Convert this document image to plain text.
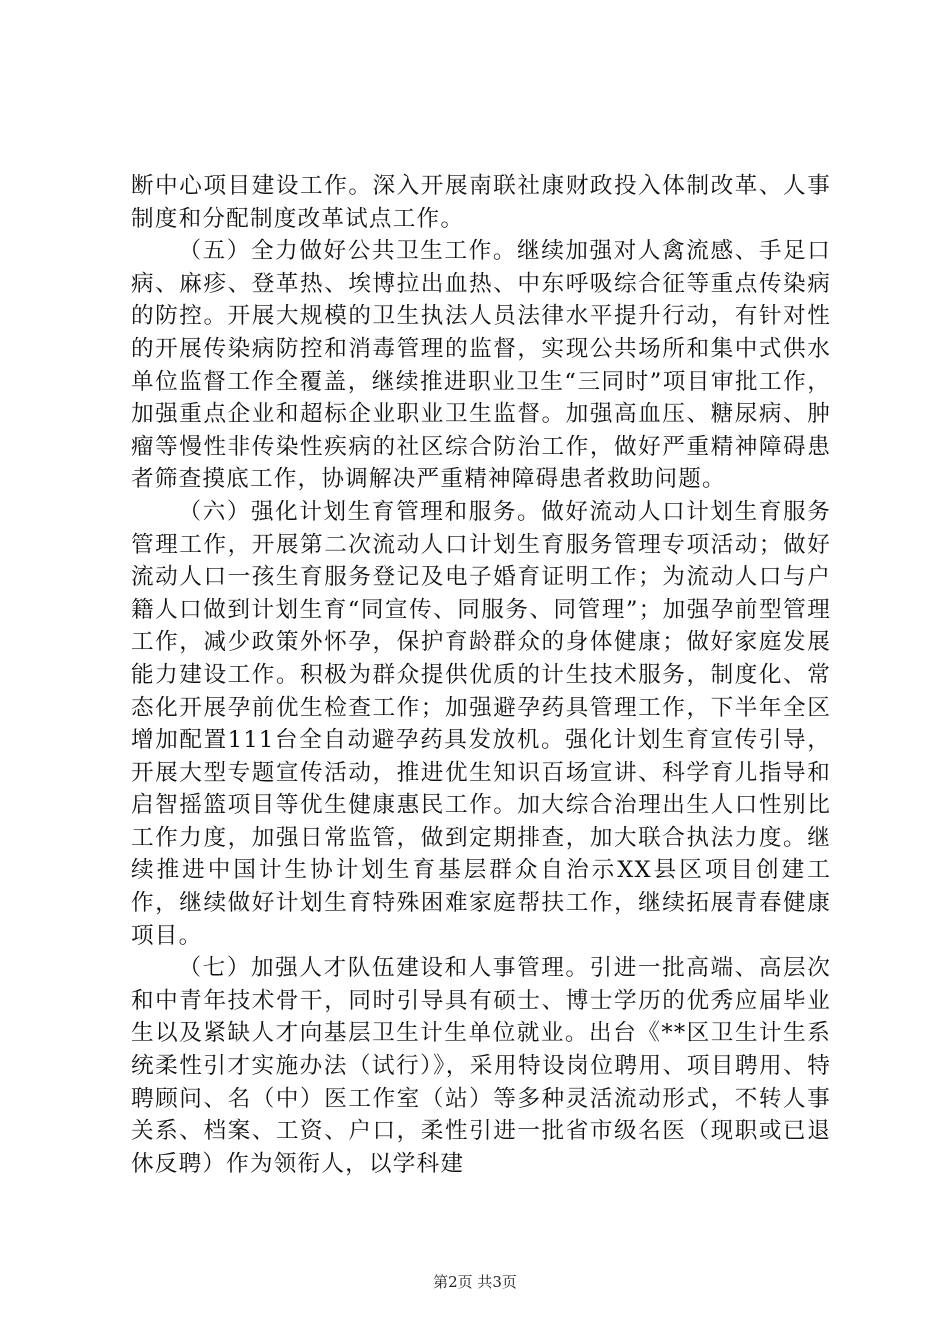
断中心项目建设工作。深入开展南联社康财政投入体制改革、人事制度和分配制度改革试点工作。

（五）全力做好公共卫生工作。继续加强对人禽流感、手足口病、麻疹、登革热、埃博拉出血热、中东呼吸综合征等重点传染病的防控。开展大规模的卫生执法人员法律水平提升行动，有针对性的开展传染病防控和消毒管理的监督，实现公共场所和集中式供水单位监督工作全覆盖，继续推进职业卫生“三同时”项目审批工作，加强重点企业和超标企业职业卫生监督。加强高血压、糖尿病、肿瘤等慢性非传染性疾病的社区综合防治工作，做好严重精神障碍患者筛查摸底工作，协调解决严重精神障碍患者救助问题。

（六）强化计划生育管理和服务。做好流动人口计划生育服务管理工作，开展第二次流动人口计划生育服务管理专项活动；做好流动人口一孩生育服务登记及电子婚育证明工作；为流动人口与户籍人口做到计划生育“同宣传、同服务、同管理”；加强孕前型管理工作，减少政策外怀孕，保护育龄群众的身体健康；做好家庭发展能力建设工作。积极为群众提供优质的计生技术服务，制度化、常态化开展孕前优生检查工作；加强避孕药具管理工作，下半年全区增加配置111台全自动避孕药具发放机。强化计划生育宣传引导，开展大型专题宣传活动，推进优生知识百场宣讲、科学育儿指导和启智摇篮项目等优生健康惠民工作。加大综合治理出生人口性别比工作力度，加强日常监管，做到定期排查，加大联合执法力度。继续推进中国计生协计划生育基层群众自治示XX县区项目创建工作，继续做好计划生育特殊困难家庭帮扶工作，继续拓展青春健康项目。

（七）加强人才队伍建设和人事管理。引进一批高端、高层次和中青年技术骨干，同时引导具有硕士、博士学历的优秀应届毕业生以及紧缺人才向基层卫生计生单位就业。出台《**区卫生计生系统柔性引才实施办法（试行）》，采用特设岗位聘用、项目聘用、特聘顾问、名（中）医工作室（站）等多种灵活流动形式，不转人事关系、档案、工资、户口，柔性引进一批省市级名医（现职或已退休反聘）作为领衔人，以学科建

第2页 共3页
